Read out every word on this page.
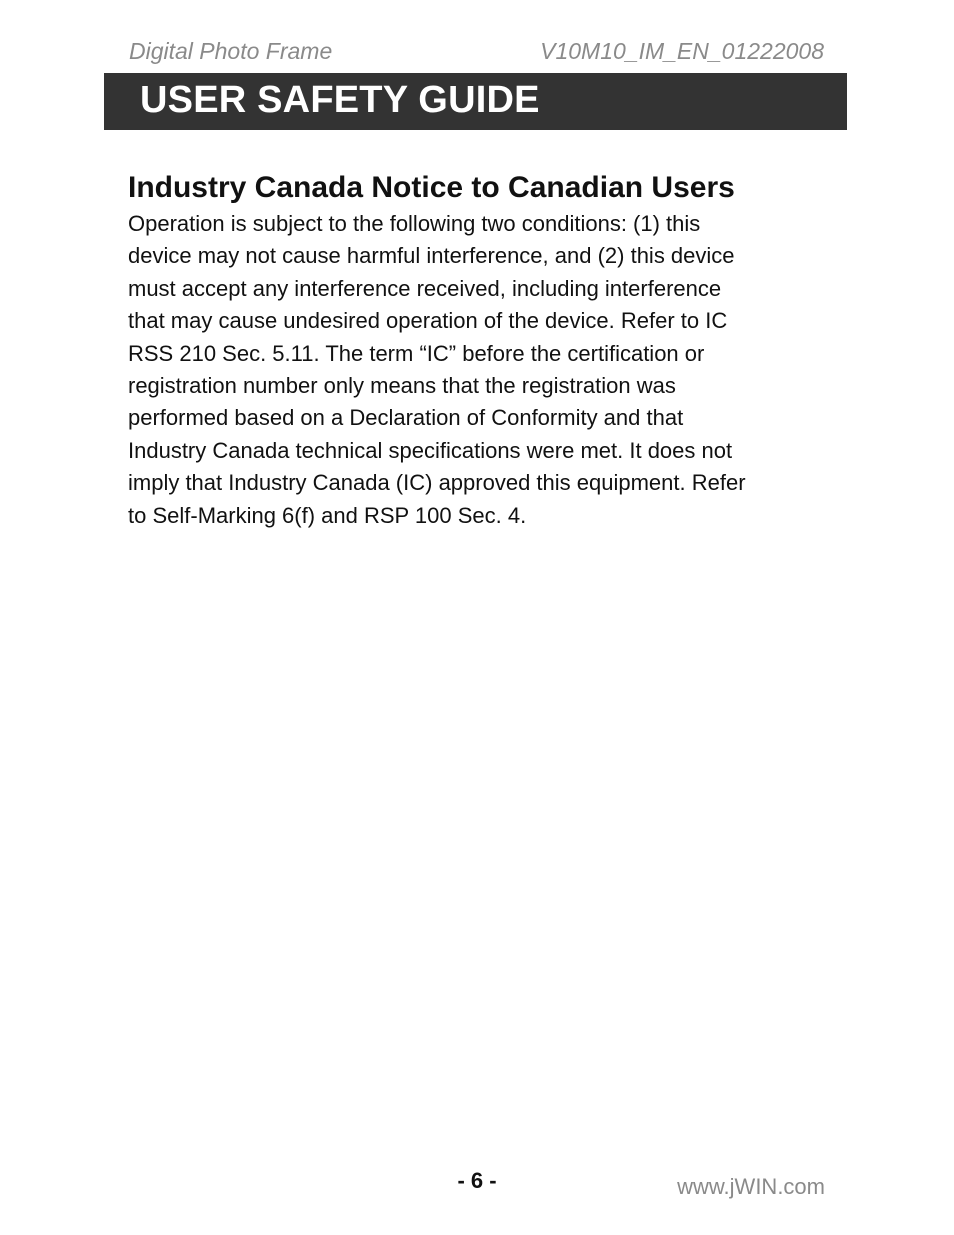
Digital Photo Frame	V10M10_IM_EN_01222008
USER SAFETY GUIDE
Industry Canada Notice to Canadian Users

Operation is subject to the following two conditions: (1) this
device may not cause harmful interference, and (2) this device
must accept any interference received, including interference
that may cause undesired operation of the device. Refer to IC
RSS 210 Sec. 5.11. The term “IC” before the certification or
registration number only means that the registration was
performed based on a Declaration of Conformity and that
Industry Canada technical specifications were met. It does not
imply that Industry Canada (IC) approved this equipment. Refer
to Self-Marking 6(f) and RSP 100 Sec. 4.

- 6 -	www.jWIN.com
